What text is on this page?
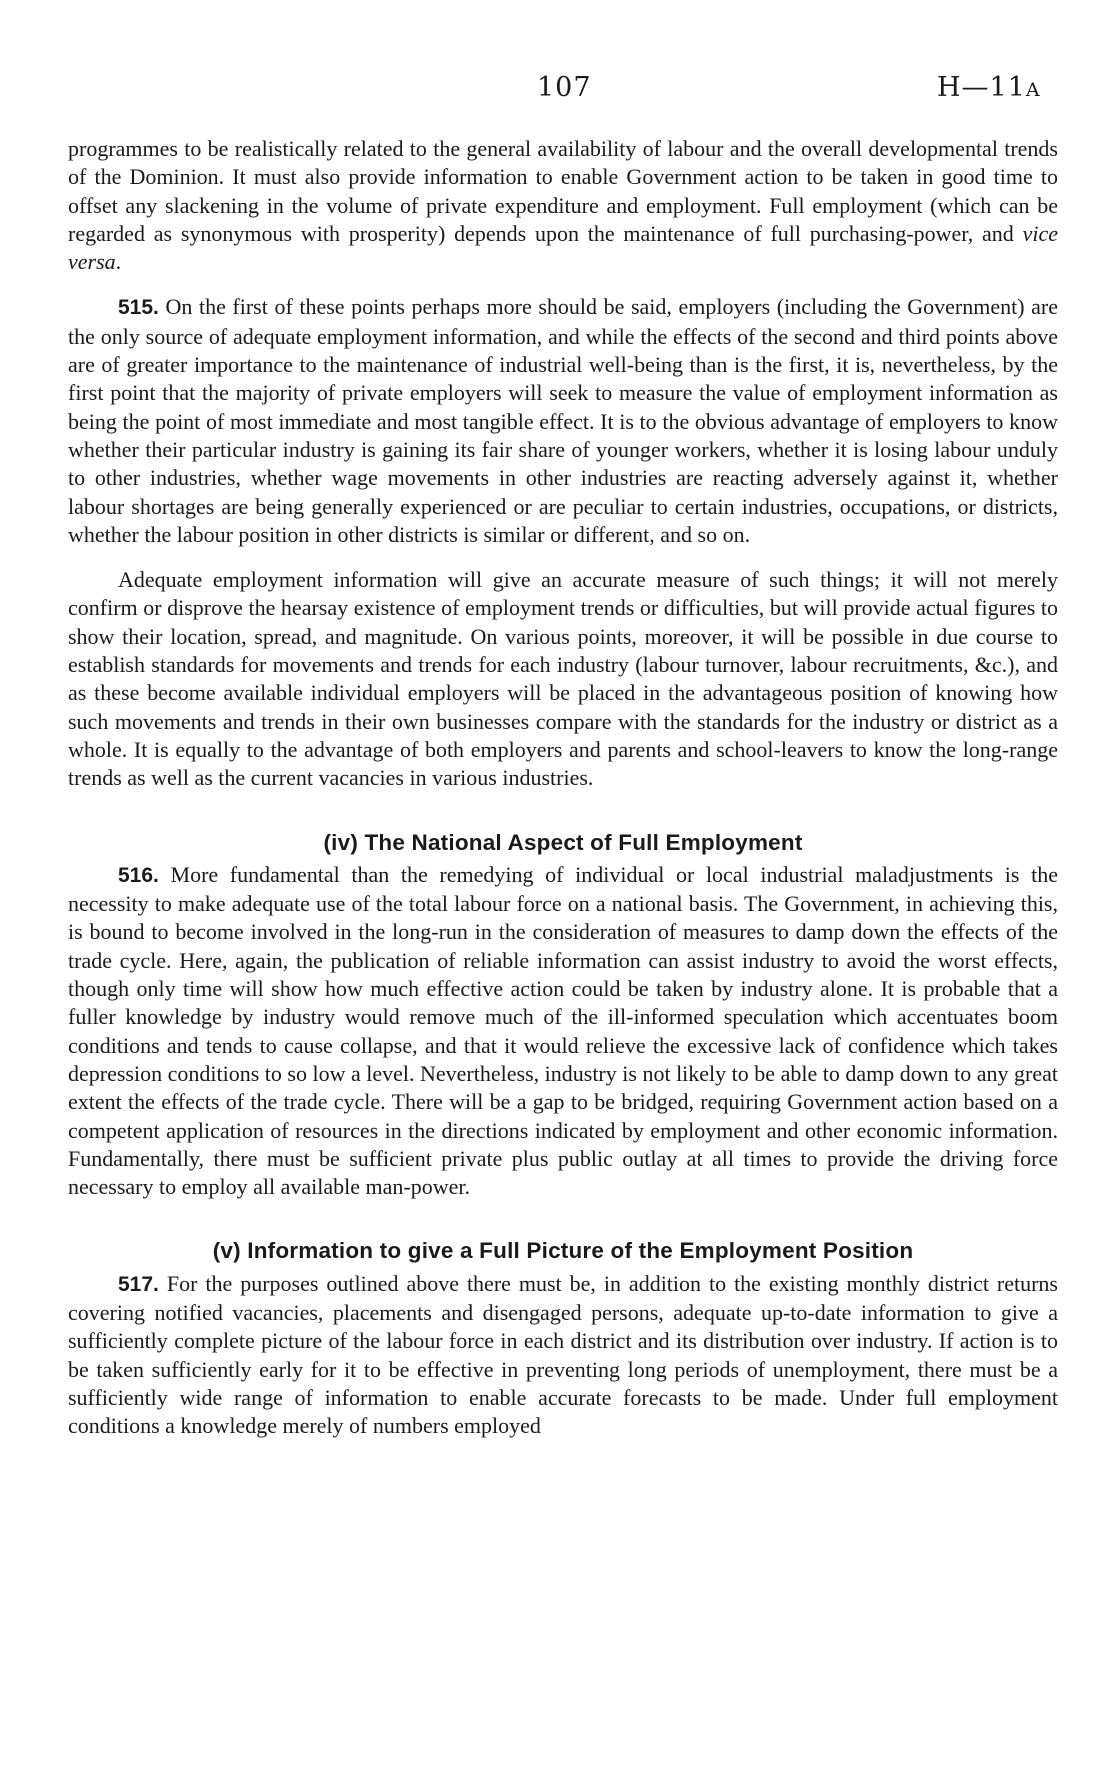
107	H—11A

programmes to be realistically related to the general availability of labour and the overall developmental trends of the Dominion. It must also provide information to enable Government action to be taken in good time to offset any slackening in the volume of private expenditure and employment. Full employment (which can be regarded as synonymous with prosperity) depends upon the maintenance of full purchasing-power, and vice versa.

515. On the first of these points perhaps more should be said, employers (including the Government) are the only source of adequate employment information, and while the effects of the second and third points above are of greater importance to the maintenance of industrial well-being than is the first, it is, nevertheless, by the first point that the majority of private employers will seek to measure the value of employment information as being the point of most immediate and most tangible effect. It is to the obvious advantage of employers to know whether their particular industry is gaining its fair share of younger workers, whether it is losing labour unduly to other industries, whether wage movements in other industries are reacting adversely against it, whether labour shortages are being generally experienced or are peculiar to certain industries, occupations, or districts, whether the labour position in other districts is similar or different, and so on.

Adequate employment information will give an accurate measure of such things; it will not merely confirm or disprove the hearsay existence of employment trends or difficulties, but will provide actual figures to show their location, spread, and magnitude. On various points, moreover, it will be possible in due course to establish standards for movements and trends for each industry (labour turnover, labour recruitments, &c.), and as these become available individual employers will be placed in the advantageous position of knowing how such movements and trends in their own businesses compare with the standards for the industry or district as a whole. It is equally to the advantage of both employers and parents and school-leavers to know the long-range trends as well as the current vacancies in various industries.

(iv) The National Aspect of Full Employment

516. More fundamental than the remedying of individual or local industrial maladjustments is the necessity to make adequate use of the total labour force on a national basis. The Government, in achieving this, is bound to become involved in the long-run in the consideration of measures to damp down the effects of the trade cycle. Here, again, the publication of reliable information can assist industry to avoid the worst effects, though only time will show how much effective action could be taken by industry alone. It is probable that a fuller knowledge by industry would remove much of the ill-informed speculation which accentuates boom conditions and tends to cause collapse, and that it would relieve the excessive lack of confidence which takes depression conditions to so low a level. Nevertheless, industry is not likely to be able to damp down to any great extent the effects of the trade cycle. There will be a gap to be bridged, requiring Government action based on a competent application of resources in the directions indicated by employment and other economic information. Fundamentally, there must be sufficient private plus public outlay at all times to provide the driving force necessary to employ all available man-power.

(v) Information to give a Full Picture of the Employment Position

517. For the purposes outlined above there must be, in addition to the existing monthly district returns covering notified vacancies, placements and disengaged persons, adequate up-to-date information to give a sufficiently complete picture of the labour force in each district and its distribution over industry. If action is to be taken sufficiently early for it to be effective in preventing long periods of unemployment, there must be a sufficiently wide range of information to enable accurate forecasts to be made. Under full employment conditions a knowledge merely of numbers employed
